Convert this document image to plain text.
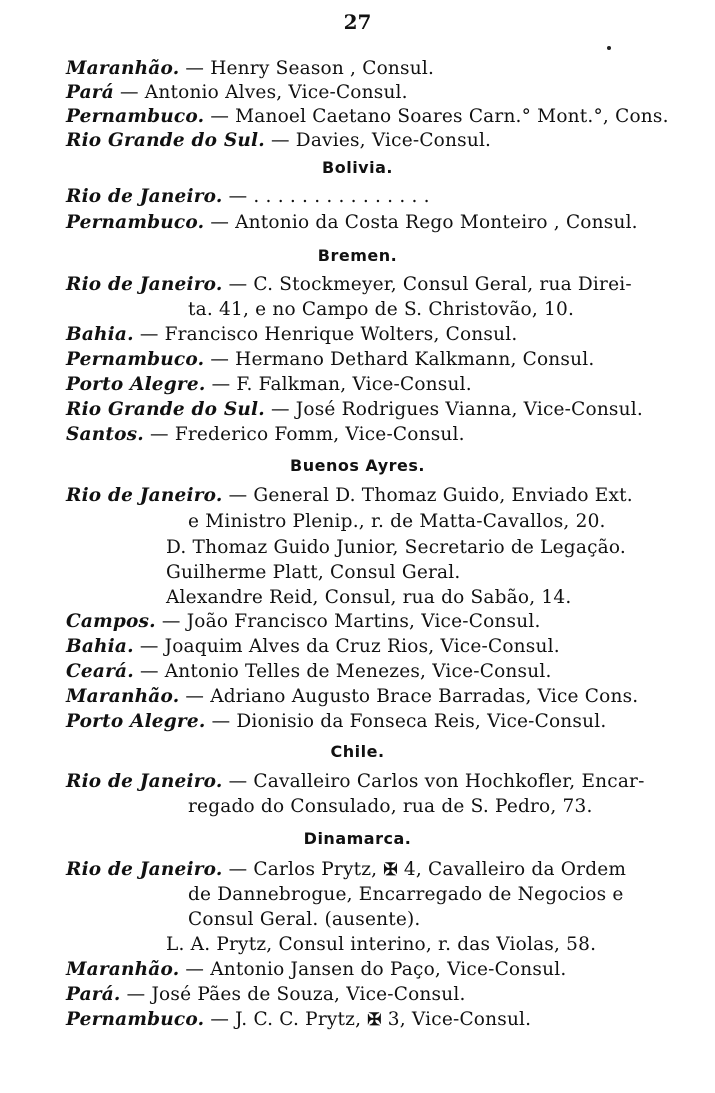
27
Maranhão. — Henry Season , Consul.
Pará — Antonio Alves, Vice-Consul.
Pernambuco. — Manoel Caetano Soares Carn.° Mont.°, Cons.
Rio Grande do Sul. — Davies, Vice-Consul.
Bolivia.
Rio de Janeiro. — . . . . . . . . . . . . . . .
Pernambuco. — Antonio da Costa Rego Monteiro , Consul.
Bremen.
Rio de Janeiro. — C. Stockmeyer, Consul Geral, rua Direi-
ta. 41, e no Campo de S. Christovão, 10.
Bahia. — Francisco Henrique Wolters, Consul.
Pernambuco. — Hermano Dethard Kalkmann, Consul.
Porto Alegre. — F. Falkman, Vice-Consul.
Rio Grande do Sul. — José Rodrigues Vianna, Vice-Consul.
Santos. — Frederico Fomm, Vice-Consul.
Buenos Ayres.
Rio de Janeiro. — General D. Thomaz Guido, Enviado Ext.
e Ministro Plenip., r. de Matta-Cavallos, 20.
D. Thomaz Guido Junior, Secretario de Legação.
Guilherme Platt, Consul Geral.
Alexandre Reid, Consul, rua do Sabão, 14.
Campos. — João Francisco Martins, Vice-Consul.
Bahia. — Joaquim Alves da Cruz Rios, Vice-Consul.
Ceará. — Antonio Telles de Menezes, Vice-Consul.
Maranhão. — Adriano Augusto Brace Barradas, Vice Cons.
Porto Alegre. — Dionisio da Fonseca Reis, Vice-Consul.
Chile.
Rio de Janeiro. — Cavalleiro Carlos von Hochkofler, Encar-
regado do Consulado, rua de S. Pedro, 73.
Dinamarca.
Rio de Janeiro. — Carlos Prytz, ✠ 4, Cavalleiro da Ordem
de Dannebrogue, Encarregado de Negocios e
Consul Geral. (ausente).
L. A. Prytz, Consul interino, r. das Violas, 58.
Maranhão. — Antonio Jansen do Paço, Vice-Consul.
Pará. — José Pães de Souza, Vice-Consul.
Pernambuco. — J. C. C. Prytz, ✠ 3, Vice-Consul.
